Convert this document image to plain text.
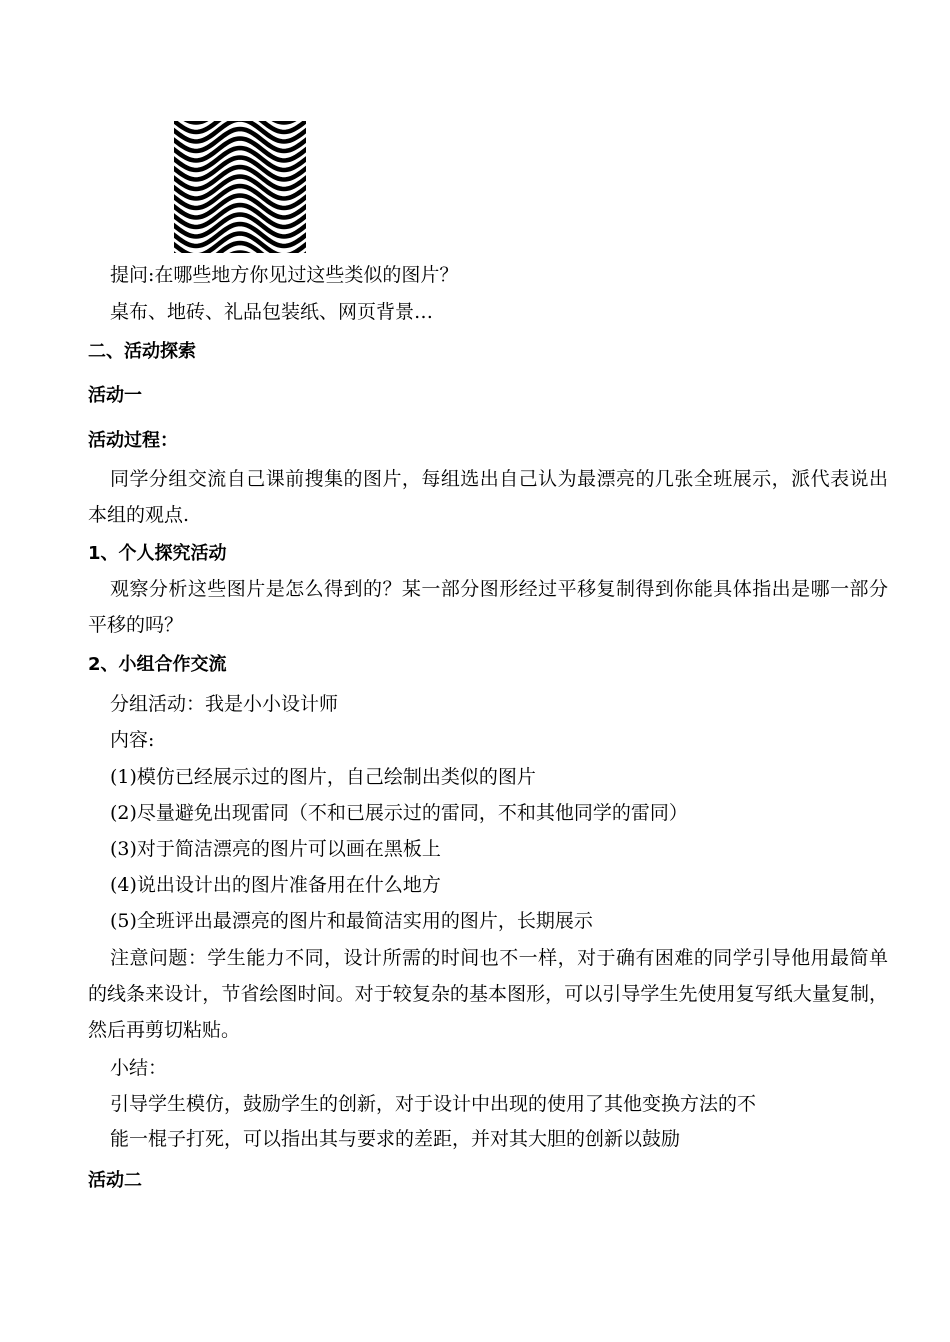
提问:在哪些地方你见过这些类似的图片？
桌布、地砖、礼品包装纸、网页背景…
二、活动探索
活动一
活动过程：
同学分组交流自己课前搜集的图片，每组选出自己认为最漂亮的几张全班展示，派代表说出本组的观点.
1、个人探究活动
观察分析这些图片是怎么得到的？某一部分图形经过平移复制得到你能具体指出是哪一部分平移的吗？
2、小组合作交流
分组活动：我是小小设计师
内容:
(1)模仿已经展示过的图片，自己绘制出类似的图片
(2)尽量避免出现雷同（不和已展示过的雷同，不和其他同学的雷同）
(3)对于简洁漂亮的图片可以画在黑板上
(4)说出设计出的图片准备用在什么地方
(5)全班评出最漂亮的图片和最简洁实用的图片，长期展示
注意问题：学生能力不同，设计所需的时间也不一样，对于确有困难的同学引导他用最简单的线条来设计，节省绘图时间。对于较复杂的基本图形，可以引导学生先使用复写纸大量复制，然后再剪切粘贴。
小结：
引导学生模仿，鼓励学生的创新，对于设计中出现的使用了其他变换方法的不
能一棍子打死，可以指出其与要求的差距，并对其大胆的创新以鼓励
活动二
